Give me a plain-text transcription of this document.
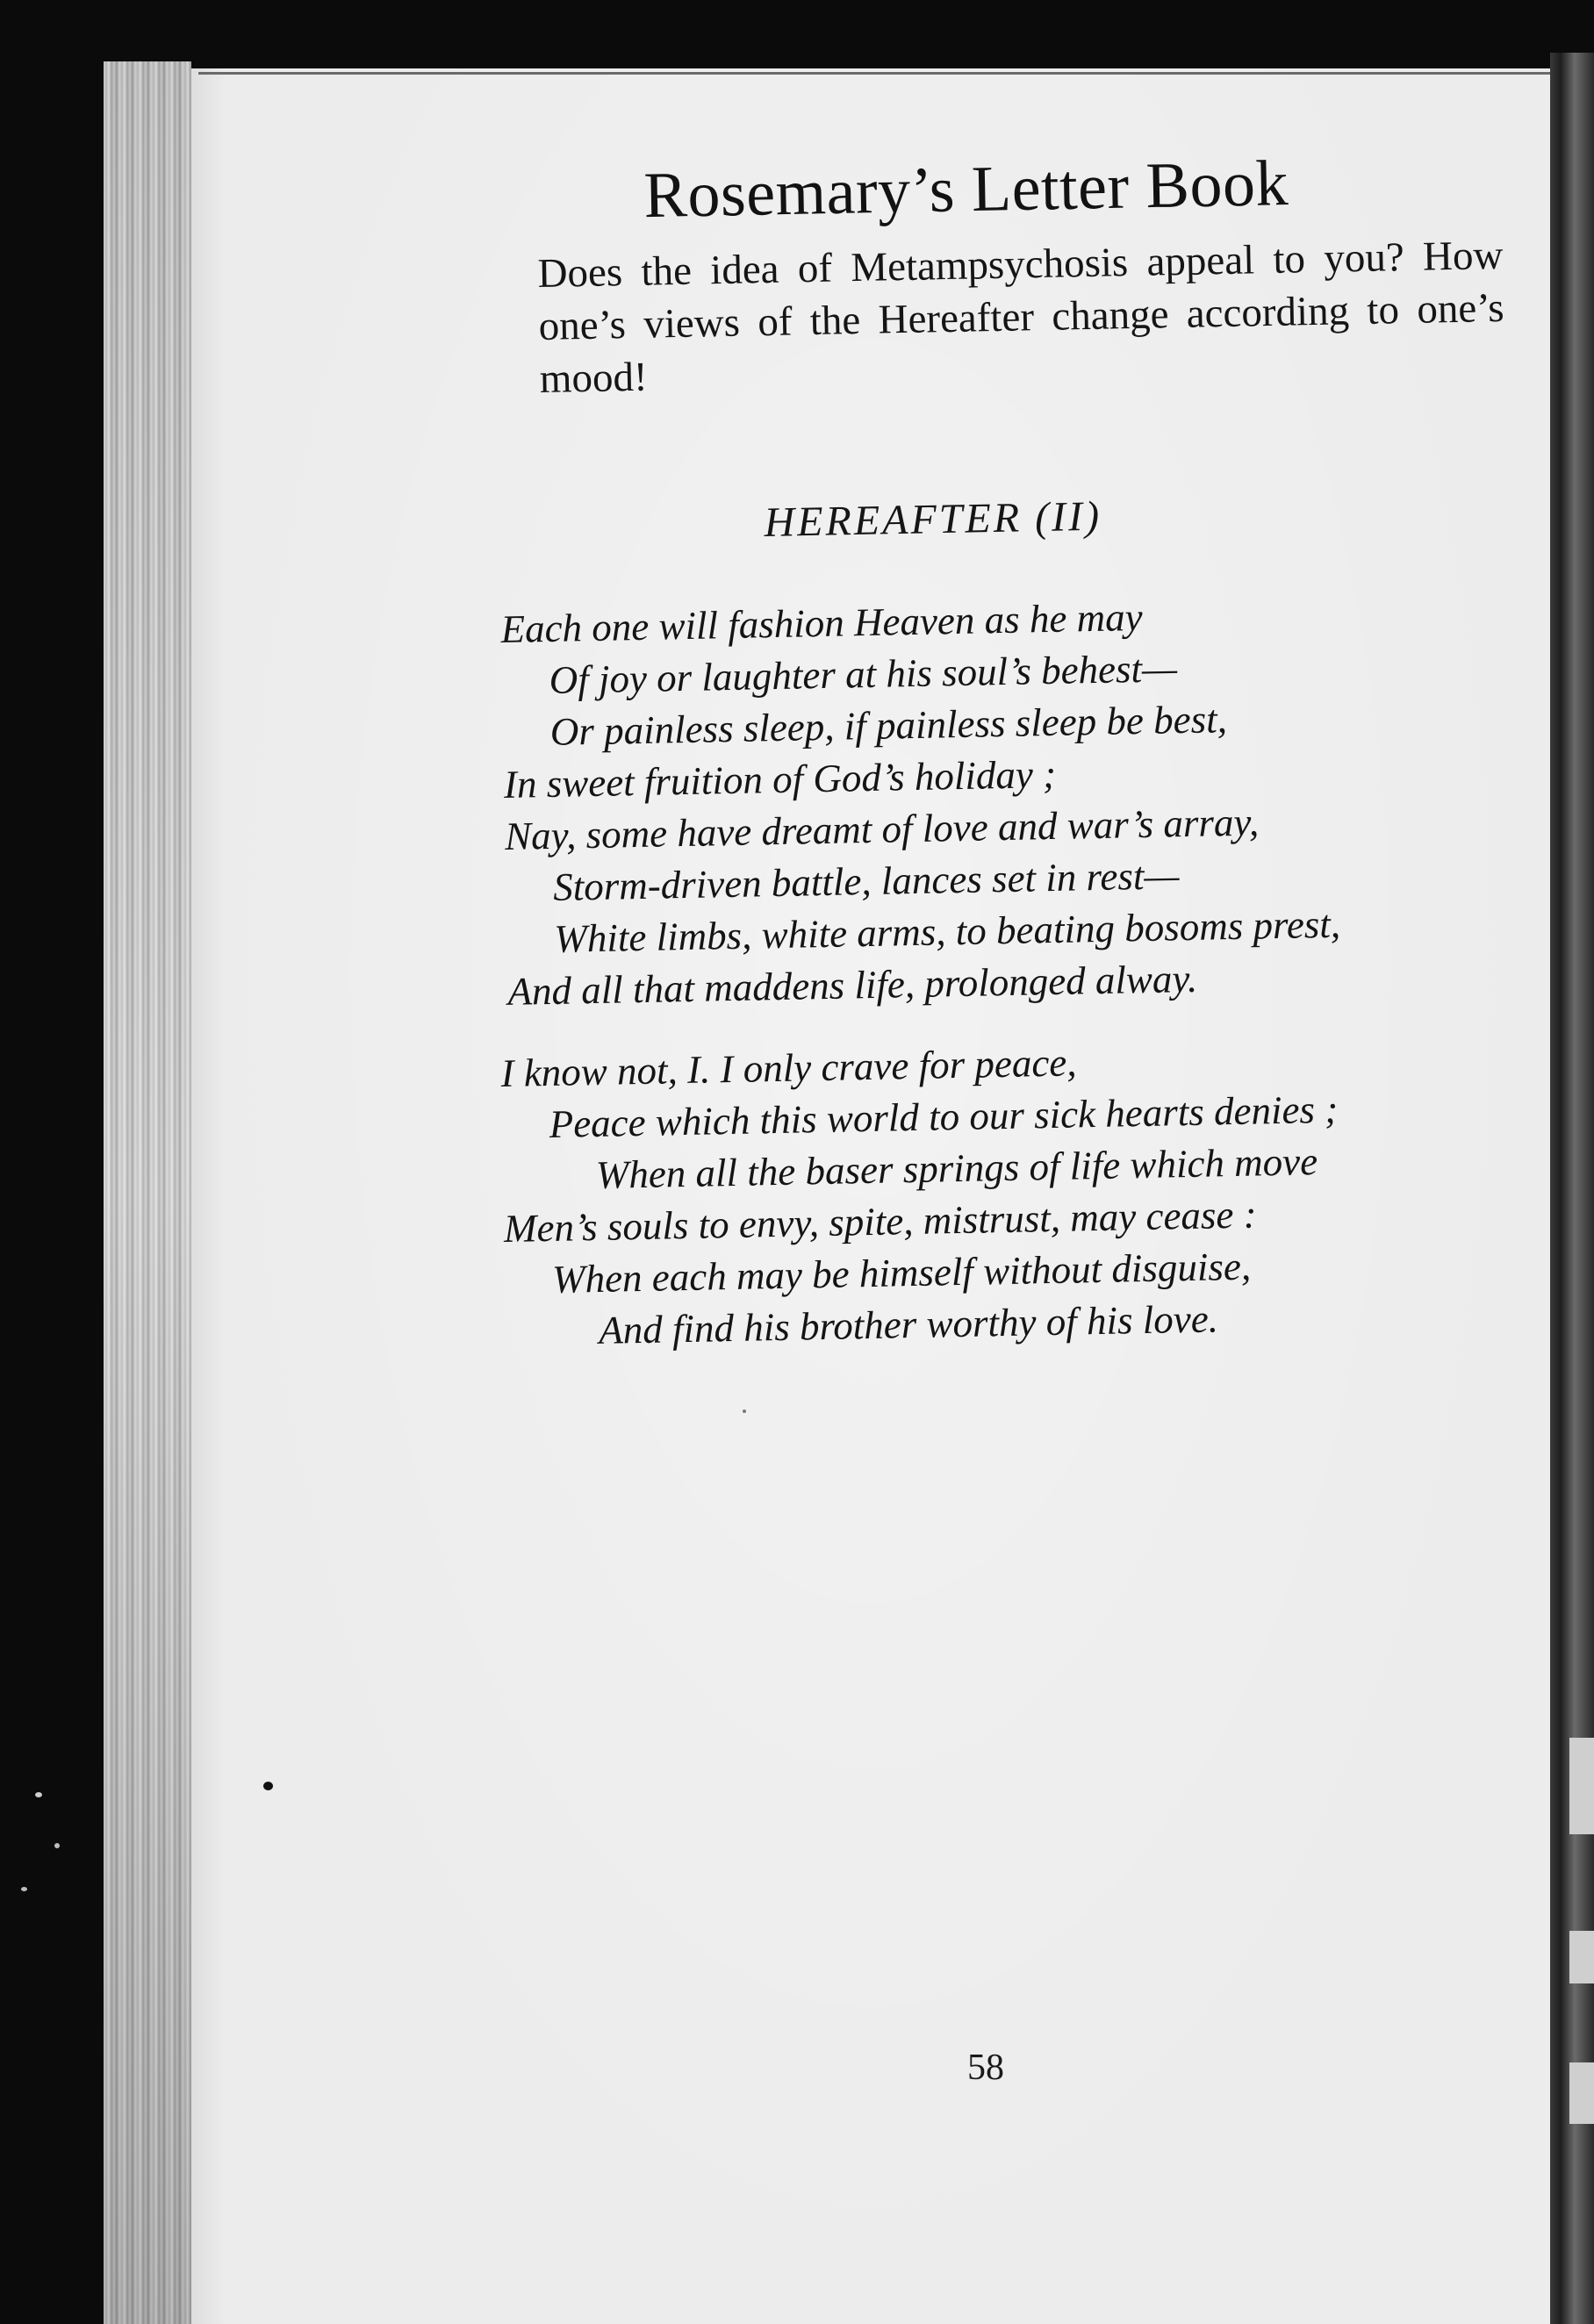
Rosemary’s Letter Book

Does the idea of Metampsychosis appeal to you? How one’s views of the Hereafter change according to one’s mood!

HEREAFTER (II)
Each one will fashion Heaven as he may
Of joy or laughter at his soul’s behest—
Or painless sleep, if painless sleep be best,
In sweet fruition of God’s holiday ;
Nay, some have dreamt of love and war’s array,
Storm-driven battle, lances set in rest—
White limbs, white arms, to beating bosoms prest,
And all that maddens life, prolonged alway.
I know not, I. I only crave for peace,
Peace which this world to our sick hearts denies ;
When all the baser springs of life which move
Men’s souls to envy, spite, mistrust, may cease :
When each may be himself without disguise,
And find his brother worthy of his love.

58
